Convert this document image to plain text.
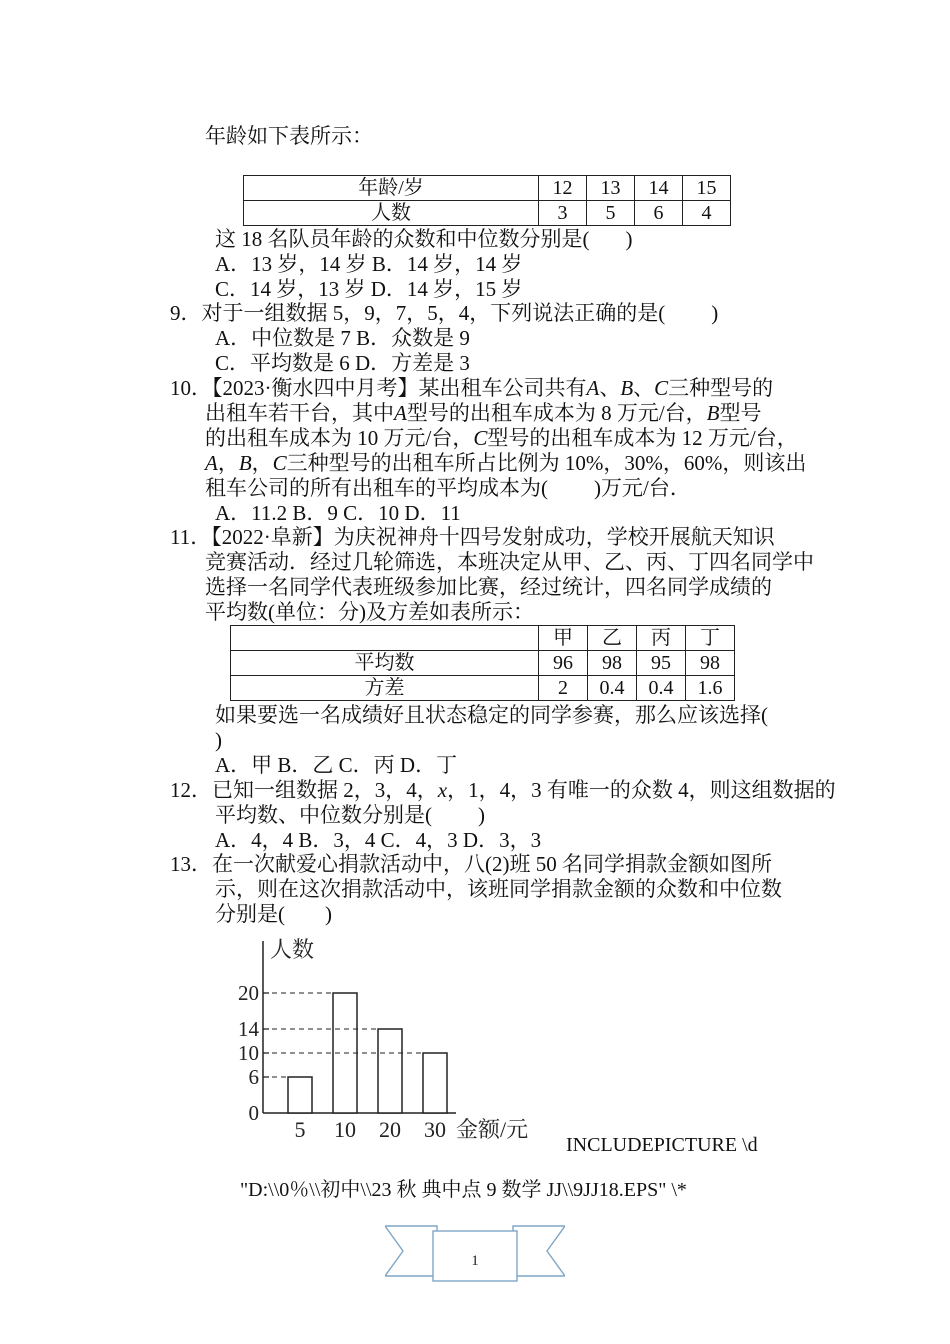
年龄如下表所示：
年龄/岁	12	13	14	15
人数	3	5	6	4
这 18 名队员年龄的众数和中位数分别是( )
A．13 岁，14 岁 B．14 岁，14 岁
C．14 岁，13 岁 D．14 岁，15 岁
9．对于一组数据 5，9，7，5，4，下列说法正确的是( )
A．中位数是 7 B．众数是 9
C．平均数是 6 D．方差是 3
10．【2023·衡水四中月考】某出租车公司共有A、B、C三种型号的
出租车若干台，其中A型号的出租车成本为 8 万元/台，B型号
的出租车成本为 10 万元/台，C型号的出租车成本为 12 万元/台，
A，B，C三种型号的出租车所占比例为 10%，30%，60%，则该出
租车公司的所有出租车的平均成本为( )万元/台．
A．11.2 B．9 C．10 D．11
11．【2022·阜新】为庆祝神舟十四号发射成功，学校开展航天知识
竞赛活动．经过几轮筛选，本班决定从甲、乙、丙、丁四名同学中
选择一名同学代表班级参加比赛，经过统计，四名同学成绩的
平均数(单位：分)及方差如表所示：
	甲	乙	丙	丁
平均数	96	98	95	98
方差	2	0.4	0.4	1.6
如果要选一名成绩好且状态稳定的同学参赛，那么应该选择(
)
A．甲 B．乙 C．丙 D．丁
12．已知一组数据 2，3，4，x，1，4，3 有唯一的众数 4，则这组数据的
平均数、中位数分别是( )
A．4，4 B．3，4 C．4，3 D．3，3
13．在一次献爱心捐款活动中，八(2)班 50 名同学捐款金额如图所
示，则在这次捐款活动中，该班同学捐款金额的众数和中位数
分别是( )
人数
金额/元
0
6
10
14
20
5 10 20 30
INCLUDEPICTURE \d
"D:\\0％\\初中\\23 秋 典中点 9 数学 JJ\\9JJ18.EPS" \*
1
